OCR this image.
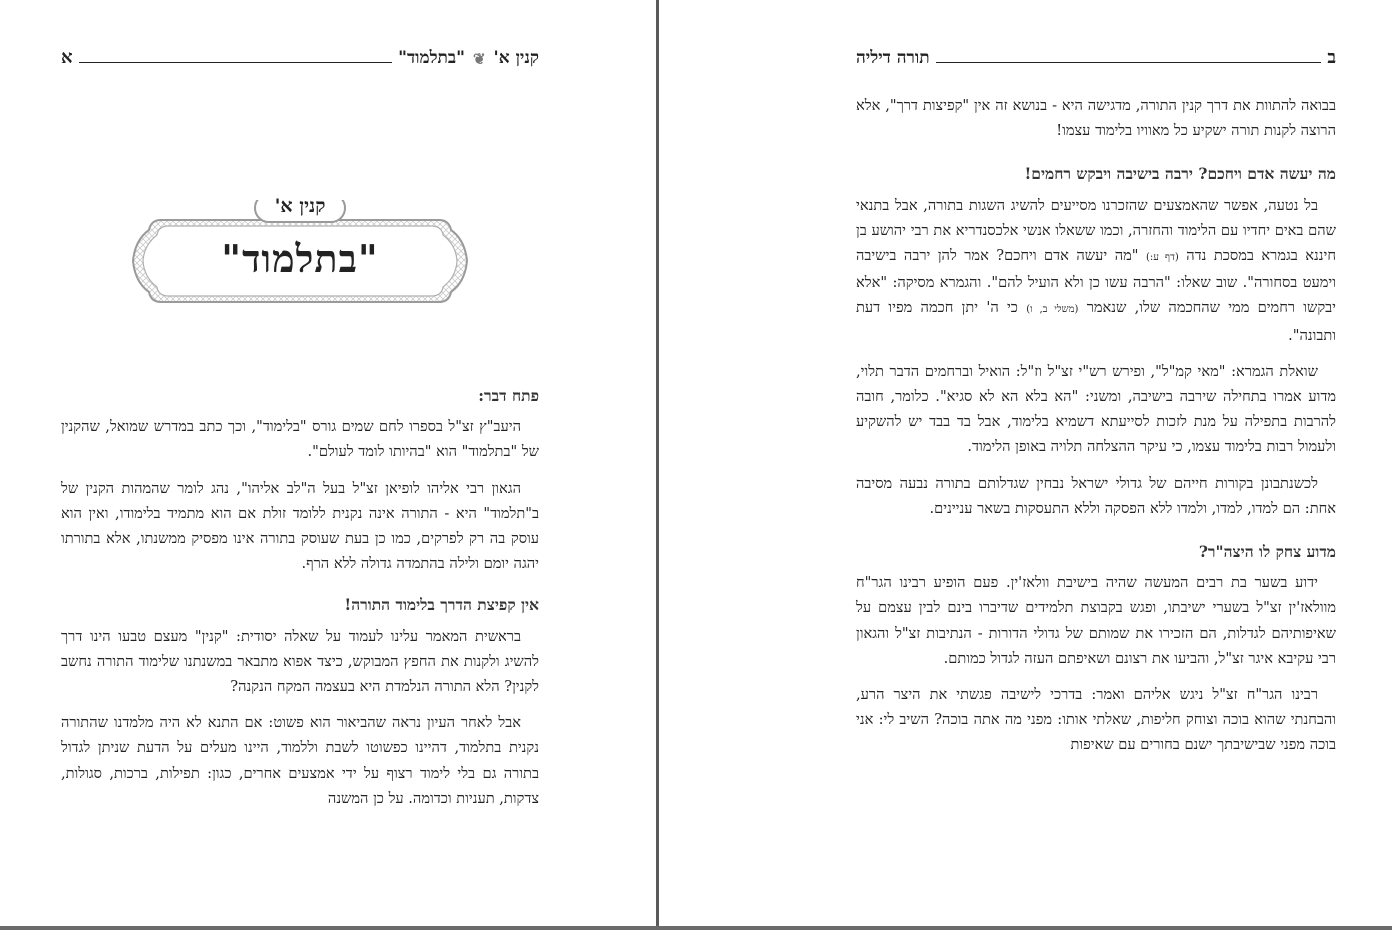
קנין א'
❦
"בתלמוד"
א
קנין א'
"בתלמוד"
פתח דבר:

היעב"ץ זצ"ל בספרו לחם שמים גורס "בלימוד", וכך כתב במדרש שמואל, שהקנין של "בתלמוד" הוא "בהיותו לומד לעולם".

הגאון רבי אליהו לופיאן זצ"ל בעל ה"לב אליהו", נהג לומר שהמהות הקנין של ב"תלמוד" היא - התורה אינה נקנית ללומד זולת אם הוא מתמיד בלימודו, ואין הוא עוסק בה רק לפרקים, כמו כן בעת שעוסק בתורה אינו מפסיק ממשנתו, אלא בתורתו יהגה יומם ולילה בהתמדה גדולה ללא הרף.

אין קפיצת הדרך בלימוד התורה!

בראשית המאמר עלינו לעמוד על שאלה יסודית: "קנין" מעצם טבעו הינו דרך להשיג ולקנות את החפץ המבוקש, כיצד אפוא מתבאר במשנתנו שלימוד התורה נחשב לקנין? הלא התורה הנלמדת היא בעצמה המקח הנקנה?

אבל לאחר העיון נראה שהביאור הוא פשוט: אם התנא לא היה מלמדנו שהתורה נקנית בתלמוד, דהיינו כפשוטו לשבת וללמוד, היינו מעלים על הדעת שניתן לגדול בתורה גם בלי לימוד רצוף על ידי אמצעים אחרים, כגון: תפילות, ברכות, סגולות, צדקות, תעניות וכדומה. על כן המשנה

ב
תורה דיליה

בבואה להתוות את דרך קנין התורה, מדגישה היא - בנושא זה אין "קפיצות דרך", אלא הרוצה לקנות תורה ישקיע כל מאוויו בלימוד עצמו!

מה יעשה אדם ויחכם? ירבה בישיבה ויבקש רחמים!

בל נטעה, אפשר שהאמצעים שהזכרנו מסייעים להשיג השגות בתורה, אבל בתנאי שהם באים יחדיו עם הלימוד והחזרה, וכמו ששאלו אנשי אלכסנדריא את רבי יהושע בן חיננא בגמרא במסכת נדה (דף ע:) "מה יעשה אדם ויחכם? אמר להן ירבה בישיבה וימעט בסחורה". שוב שאלו: "הרבה עשו כן ולא הועיל להם". והגמרא מסיקה: "אלא יבקשו רחמים ממי שהחכמה שלו, שנאמר (משלי ב, ו) כי ה' יתן חכמה מפיו דעת ותבונה".

שואלת הגמרא: "מאי קמ"ל", ופירש רש"י זצ"ל וז"ל: הואיל וברחמים הדבר תלוי, מדוע אמרו בתחילה שירבה בישיבה, ומשני: "הא בלא הא לא סגיא". כלומר, חובה להרבות בתפילה על מנת לזכות לסייעתא דשמיא בלימוד, אבל בד בבד יש להשקיע ולעמול רבות בלימוד עצמו, כי עיקר ההצלחה תלויה באופן הלימוד.

לכשנתבונן בקורות חייהם של גדולי ישראל נבחין שגדלותם בתורה נבעה מסיבה אחת: הם למדו, למדו, ולמדו ללא הפסקה וללא התעסקות בשאר עניינים.

מדוע צחק לו היצה"ר?

ידוע בשער בת רבים המעשה שהיה בישיבת וולאז'ין. פעם הופיע רבינו הגר"ח מוולאז'ין זצ"ל בשערי ישיבתו, ופגש בקבוצת תלמידים שדיברו בינם לבין עצמם על שאיפותיהם לגדלות, הם הזכירו את שמותם של גדולי הדורות - הנתיבות זצ"ל והגאון רבי עקיבא איגר זצ"ל, והביעו את רצונם ושאיפתם העזה לגדול כמותם.

רבינו הגר"ח זצ"ל ניגש אליהם ואמר: בדרכי לישיבה פגשתי את היצר הרע, והבחנתי שהוא בוכה וצוחק חליפות, שאלתי אותו: מפני מה אתה בוכה? השיב לי: אני בוכה מפני שבישיבתך ישנם בחורים עם שאיפות
